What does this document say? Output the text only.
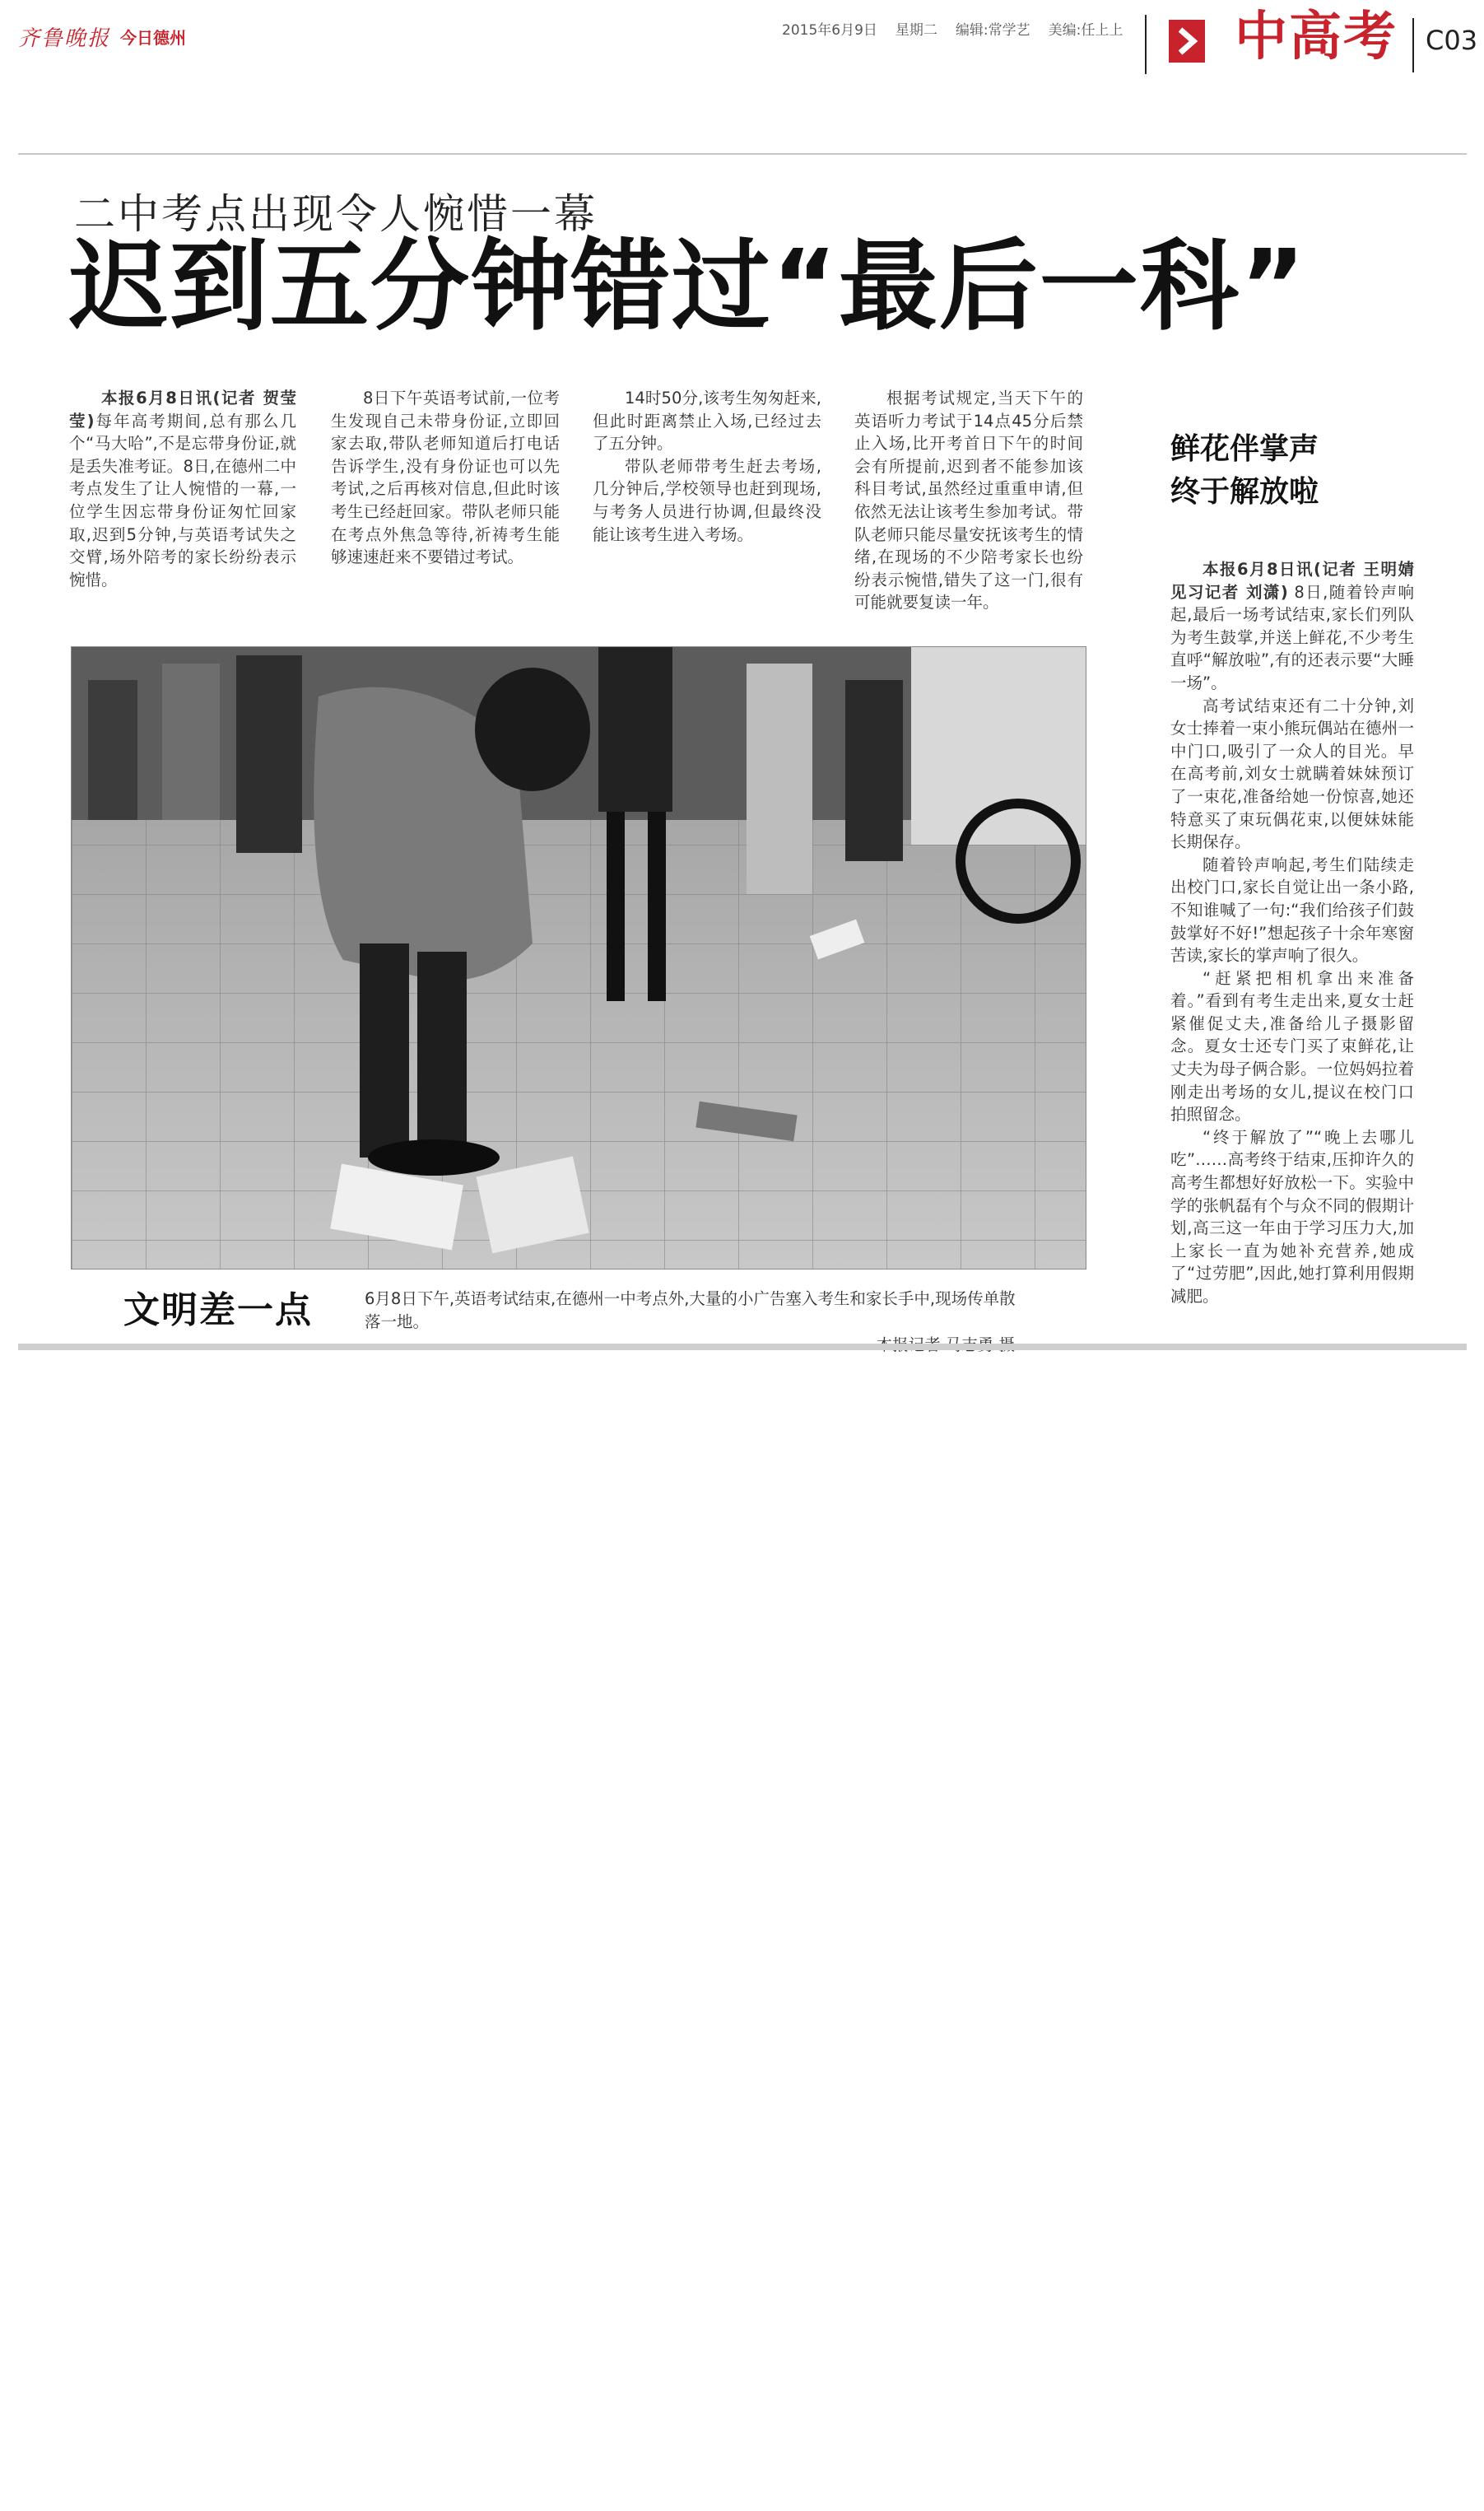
齐鲁晚报 今日德州	2015年6月9日 星期二 编辑:常学艺 美编:任上上 中高考 C03
二中考点出现令人惋惜一幕
迟到五分钟错过“最后一科”

本报6月8日讯(记者 贺莹莹)每年高考期间,总有那么几个“马大哈”,不是忘带身份证,就是丢失准考证。8日,在德州二中考点发生了让人惋惜的一幕,一位学生因忘带身份证匆忙回家取,迟到5分钟,与英语考试失之交臂,场外陪考的家长纷纷表示惋惜。

8日下午英语考试前,一位考生发现自己未带身份证,立即回家去取,带队老师知道后打电话告诉学生,没有身份证也可以先考试,之后再核对信息,但此时该考生已经赶回家。带队老师只能在考点外焦急等待,祈祷考生能够速速赶来不要错过考试。

14时50分,该考生匆匆赶来,但此时距离禁止入场,已经过去了五分钟。

带队老师带考生赶去考场,几分钟后,学校领导也赶到现场,与考务人员进行协调,但最终没能让该考生进入考场。

根据考试规定,当天下午的英语听力考试于14点45分后禁止入场,比开考首日下午的时间会有所提前,迟到者不能参加该科目考试,虽然经过重重申请,但依然无法让该考生参加考试。带队老师只能尽量安抚该考生的情绪,在现场的不少陪考家长也纷纷表示惋惜,错失了这一门,很有可能就要复读一年。

文明差一点	6月8日下午,英语考试结束,在德州一中考点外,大量的小广告塞入考生和家长手中,现场传单散落一地。
鲜花伴掌声
终于解放啦

本报6月8日讯(记者 王明婧 见习记者 刘潇) 8日,随着铃声响起,最后一场考试结束,家长们列队为考生鼓掌,并送上鲜花,不少考生直呼“解放啦”,有的还表示要“大睡一场”。

高考试结束还有二十分钟,刘女士捧着一束小熊玩偶站在德州一中门口,吸引了一众人的目光。早在高考前,刘女士就瞒着妹妹预订了一束花,准备给她一份惊喜,她还特意买了束玩偶花束,以便妹妹能长期保存。

随着铃声响起,考生们陆续走出校门口,家长自觉让出一条小路,不知谁喊了一句:“我们给孩子们鼓鼓掌好不好!”想起孩子十余年寒窗苦读,家长的掌声响了很久。

“赶紧把相机拿出来准备着。”看到有考生走出来,夏女士赶紧催促丈夫,准备给儿子摄影留念。夏女士还专门买了束鲜花,让丈夫为母子俩合影。一位妈妈拉着刚走出考场的女儿,提议在校门口拍照留念。

“终于解放了”“晚上去哪儿吃”……高考终于结束,压抑许久的高考生都想好好放松一下。实验中学的张帆磊有个与众不同的假期计划,高三这一年由于学习压力大,加上家长一直为她补充营养,她成了“过劳肥”,因此,她打算利用假期减肥。
